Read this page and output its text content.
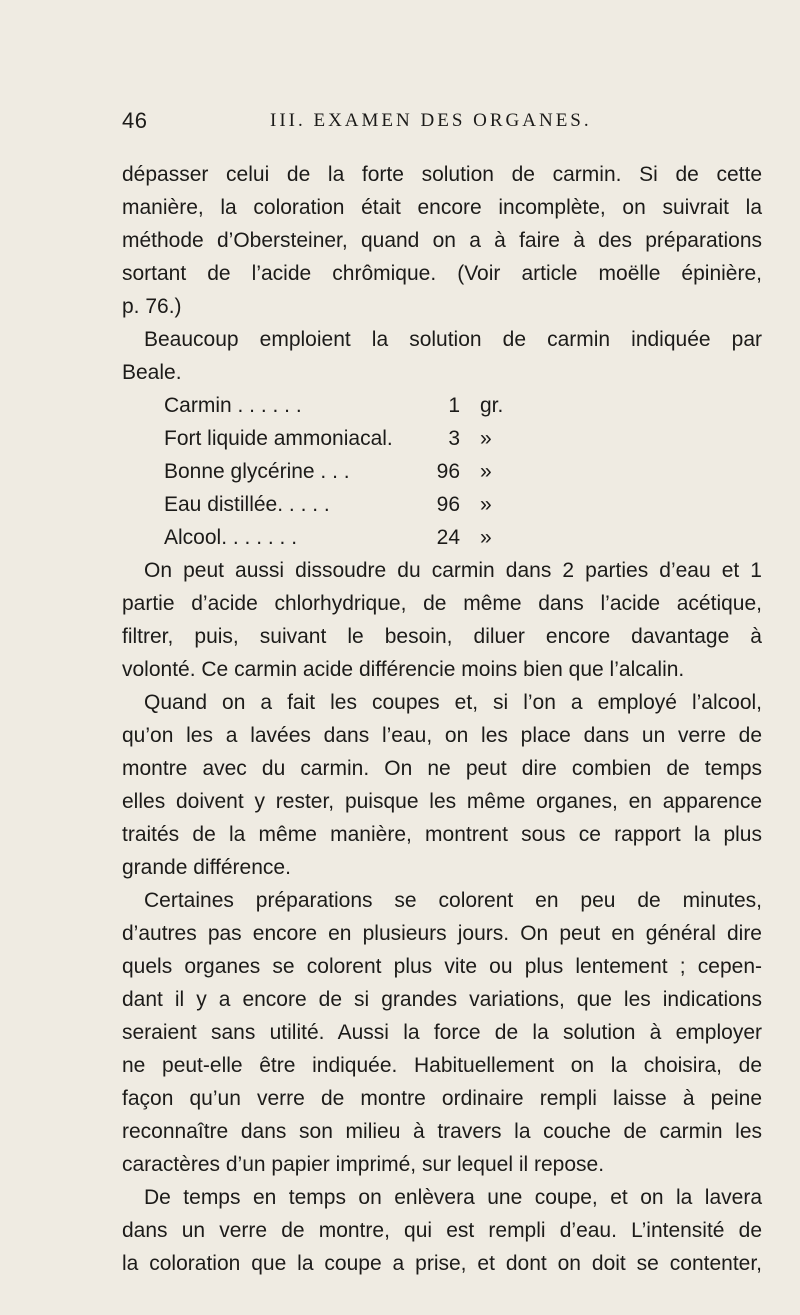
46	III. EXAMEN DES ORGANES.
dépasser celui de la forte solution de carmin. Si de cette
manière, la coloration était encore incomplète, on suivrait la
méthode d’Obersteiner, quand on a à faire à des préparations
sortant de l’acide chrômique. (Voir article moëlle épinière,
p. 76.)
Beaucoup emploient la solution de carmin indiquée par
Beale.
Carmin . . . . . .	1 gr.
Fort liquide ammoniacal.	3 »
Bonne glycérine . . .	96 »
Eau distillée. . . . .	96 »
Alcool. . . . . . .	24 »
On peut aussi dissoudre du carmin dans 2 parties d’eau et 1
partie d’acide chlorhydrique, de même dans l’acide acétique,
filtrer, puis, suivant le besoin, diluer encore davantage à
volonté. Ce carmin acide différencie moins bien que l’alcalin.
Quand on a fait les coupes et, si l’on a employé l’alcool,
qu’on les a lavées dans l’eau, on les place dans un verre de
montre avec du carmin. On ne peut dire combien de temps
elles doivent y rester, puisque les même organes, en apparence
traités de la même manière, montrent sous ce rapport la plus
grande différence.
Certaines préparations se colorent en peu de minutes,
d’autres pas encore en plusieurs jours. On peut en général dire
quels organes se colorent plus vite ou plus lentement ; cepen-
dant il y a encore de si grandes variations, que les indications
seraient sans utilité. Aussi la force de la solution à employer
ne peut-elle être indiquée. Habituellement on la choisira, de
façon qu’un verre de montre ordinaire rempli laisse à peine
reconnaître dans son milieu à travers la couche de carmin les
caractères d’un papier imprimé, sur lequel il repose.
De temps en temps on enlèvera une coupe, et on la lavera
dans un verre de montre, qui est rempli d’eau. L’intensité de
la coloration que la coupe a prise, et dont on doit se contenter,
